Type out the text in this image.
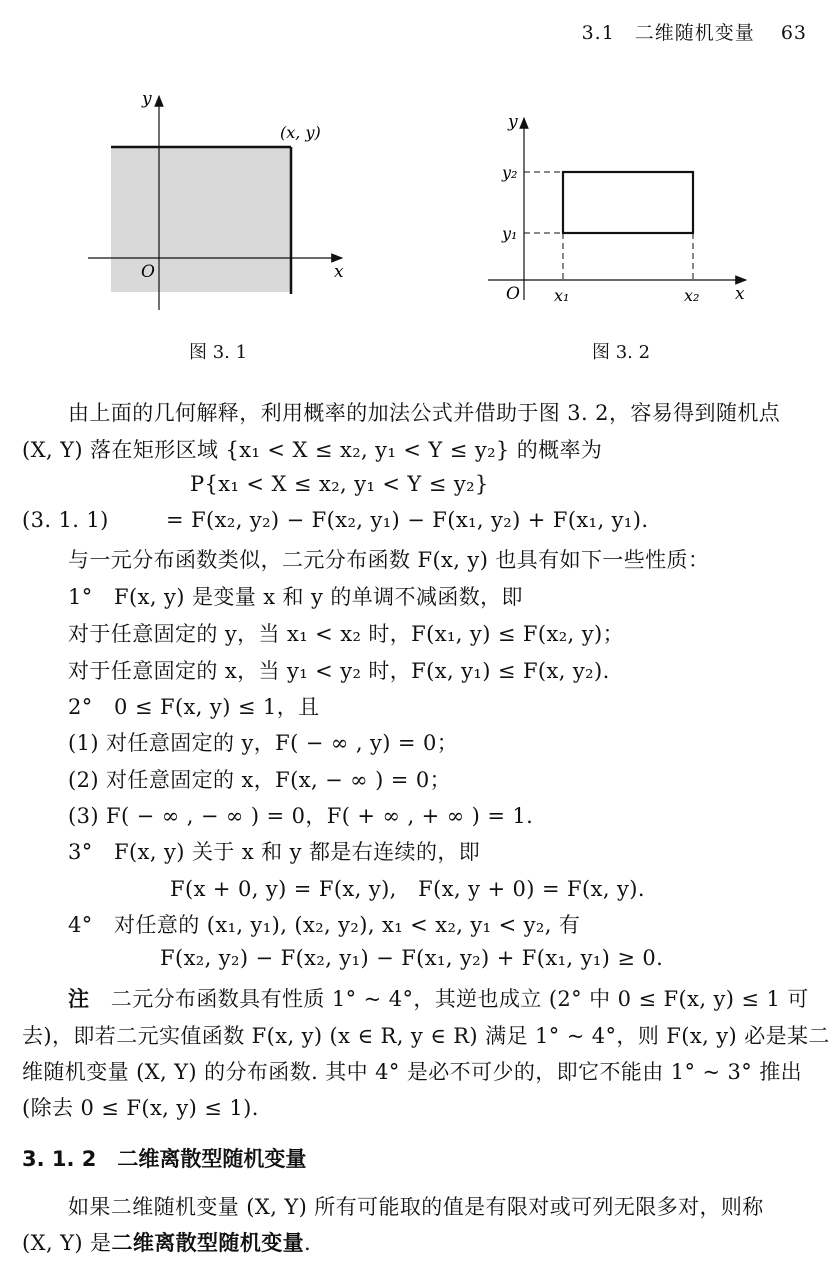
3.1　二维随机变量 63
y
x
O
(x, y)
图 3. 1
y
x
O
y₂
y₁
x₁	x₂
图 3. 2
由上面的几何解释，利用概率的加法公式并借助于图 3. 2，容易得到随机点
(X, Y) 落在矩形区域 {x₁ < X ≤ x₂, y₁ < Y ≤ y₂} 的概率为
P{x₁ < X ≤ x₂, y₁ < Y ≤ y₂}
= F(x₂, y₂) − F(x₂, y₁) − F(x₁, y₂) + F(x₁, y₁).
(3. 1. 1)
与一元分布函数类似，二元分布函数 F(x, y) 也具有如下一些性质：
1°　F(x, y) 是变量 x 和 y 的单调不减函数，即
对于任意固定的 y，当 x₁ < x₂ 时，F(x₁, y) ≤ F(x₂, y)；
对于任意固定的 x，当 y₁ < y₂ 时，F(x, y₁) ≤ F(x, y₂).
2°　0 ≤ F(x, y) ≤ 1，且
(1) 对任意固定的 y，F( − ∞ , y) = 0；
(2) 对任意固定的 x，F(x, − ∞ ) = 0；
(3) F( − ∞ , − ∞ ) = 0，F( + ∞ , + ∞ ) = 1.
3°　F(x, y) 关于 x 和 y 都是右连续的，即
F(x + 0, y) = F(x, y),　F(x, y + 0) = F(x, y).
4°　对任意的 (x₁, y₁), (x₂, y₂), x₁ < x₂, y₁ < y₂, 有
F(x₂, y₂) − F(x₂, y₁) − F(x₁, y₂) + F(x₁, y₁) ≥ 0.
注　二元分布函数具有性质 1° ~ 4°，其逆也成立 (2° 中 0 ≤ F(x, y) ≤ 1 可
去)，即若二元实值函数 F(x, y) (x ∈ R, y ∈ R) 满足 1° ~ 4°，则 F(x, y) 必是某二
维随机变量 (X, Y) 的分布函数. 其中 4° 是必不可少的，即它不能由 1° ~ 3° 推出
(除去 0 ≤ F(x, y) ≤ 1).
3. 1. 2　二维离散型随机变量
如果二维随机变量 (X, Y) 所有可能取的值是有限对或可列无限多对，则称
(X, Y) 是二维离散型随机变量.
